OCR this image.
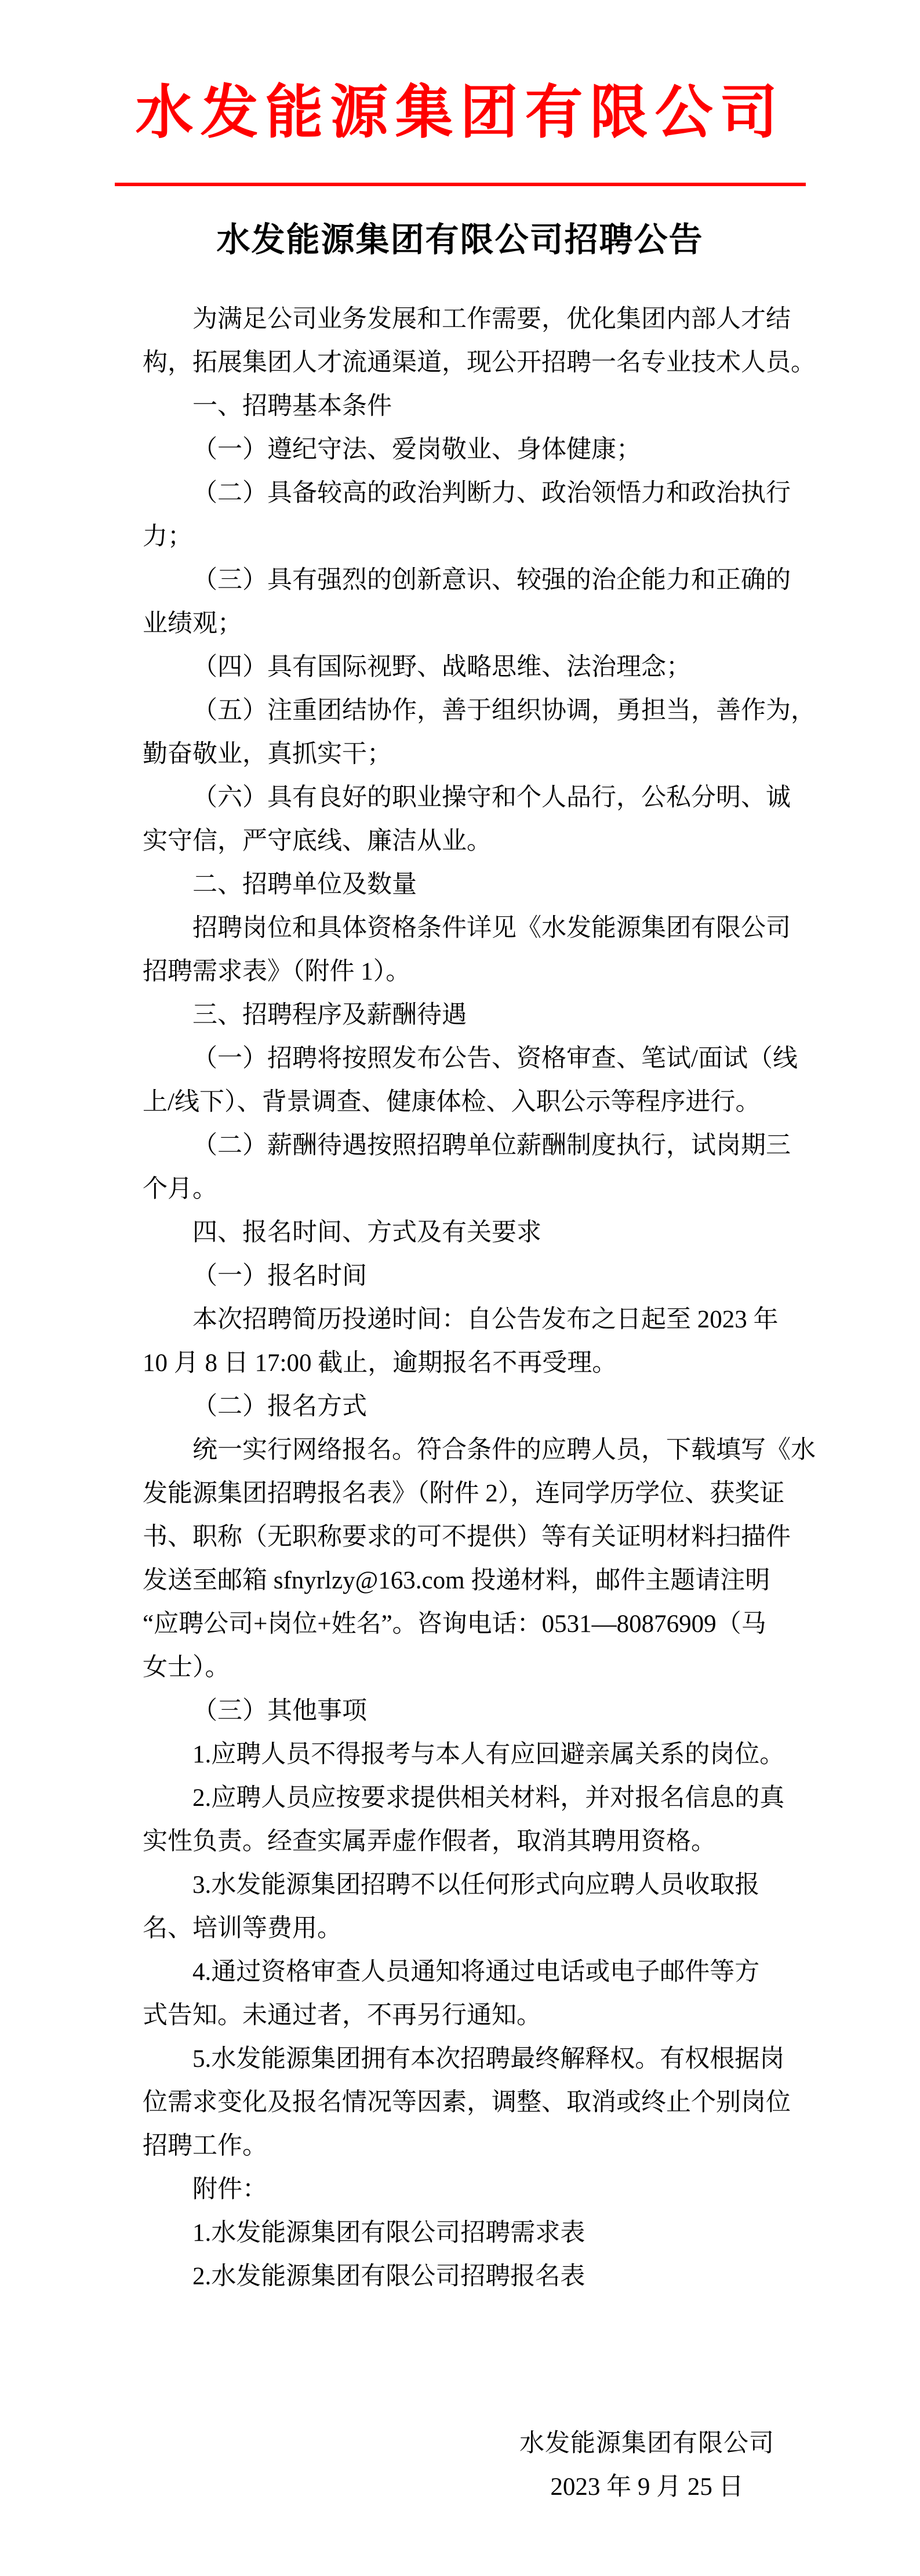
水发能源集团有限公司
水发能源集团有限公司招聘公告
为满足公司业务发展和工作需要，优化集团内部人才结
构，拓展集团人才流通渠道，现公开招聘一名专业技术人员。
一、招聘基本条件
（一）遵纪守法、爱岗敬业、身体健康；
（二）具备较高的政治判断力、政治领悟力和政治执行
力；
（三）具有强烈的创新意识、较强的治企能力和正确的
业绩观；
（四）具有国际视野、战略思维、法治理念；
（五）注重团结协作，善于组织协调，勇担当，善作为，
勤奋敬业，真抓实干；
（六）具有良好的职业操守和个人品行，公私分明、诚
实守信，严守底线、廉洁从业。
二、招聘单位及数量
招聘岗位和具体资格条件详见《水发能源集团有限公司
招聘需求表》（附件 1）。
三、招聘程序及薪酬待遇
（一）招聘将按照发布公告、资格审查、笔试/面试（线
上/线下）、背景调查、健康体检、入职公示等程序进行。
（二）薪酬待遇按照招聘单位薪酬制度执行，试岗期三
个月。
四、报名时间、方式及有关要求
（一）报名时间
本次招聘简历投递时间：自公告发布之日起至 2023 年
10 月 8 日 17:00 截止，逾期报名不再受理。
（二）报名方式
统一实行网络报名。符合条件的应聘人员，下载填写《水
发能源集团招聘报名表》（附件 2），连同学历学位、获奖证
书、职称（无职称要求的可不提供）等有关证明材料扫描件
发送至邮箱 sfnyrlzy@163.com 投递材料，邮件主题请注明
“应聘公司+岗位+姓名”。咨询电话：0531—80876909（马
女士）。
（三）其他事项
1.应聘人员不得报考与本人有应回避亲属关系的岗位。
2.应聘人员应按要求提供相关材料，并对报名信息的真
实性负责。经查实属弄虚作假者，取消其聘用资格。
3.水发能源集团招聘不以任何形式向应聘人员收取报
名、培训等费用。
4.通过资格审查人员通知将通过电话或电子邮件等方
式告知。未通过者，不再另行通知。
5.水发能源集团拥有本次招聘最终解释权。有权根据岗
位需求变化及报名情况等因素，调整、取消或终止个别岗位
招聘工作。
附件：
1.水发能源集团有限公司招聘需求表
2.水发能源集团有限公司招聘报名表
水发能源集团有限公司
2023 年 9 月 25 日
